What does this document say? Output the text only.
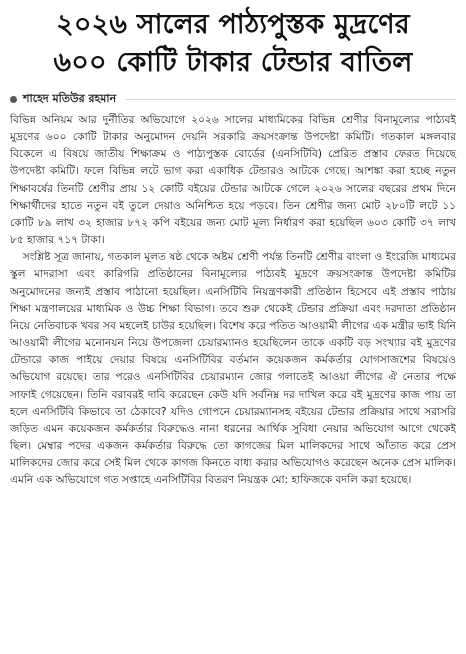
২০২৬ সালের পাঠ্যপুস্তক মুদ্রণের
৬০০ কোটি টাকার টেন্ডার বাতিল
শাহেদ মতিউর রহমান

বিভিন্ন অনিয়ম আর দুর্নীতির অভিযোগে ২০২৬ সালের মাধ্যমিকের বিভিন্ন শ্রেণীর বিনামূল্যের পাঠ্যবই মুদ্রণের ৬০০ কোটি টাকার অনুমোদন দেয়নি সরকারি ক্রয়সংক্রান্ত উপদেষ্টা কমিটি। গতকাল মঙ্গলবার বিকেলে এ বিষয়ে জাতীয় শিক্ষাক্রম ও পাঠ্যপুস্তক বোর্ডের (এনসিটিবি) প্রেরিত প্রস্তাব ফেরত দিয়েছে উপদেষ্টা কমিটি। ফলে বিভিন্ন লটে ভাগ করা একাধিক টেন্ডারও আটকে গেছে। আশঙ্কা করা হচ্ছে নতুন শিক্ষাবর্ষের তিনটি শ্রেণীর প্রায় ১২ কোটি বইয়ের টেন্ডার আটকে গেলে ২০২৬ সালের বছরের প্রথম দিনে শিক্ষার্থীদের হাতে নতুন বই তুলে দেয়াও অনিশ্চিত হয়ে পড়বে। তিন শ্রেণীর জন্য মোট ২৮০টি লটে ১১ কোটি ৮৯ লাখ ৩২ হাজার ৮৭২ কপি বইয়ের জন্য মোট মূল্য নির্ধারণ করা হয়েছিল ৬০৩ কোটি ৩৭ লাখ ৮৫ হাজার ৭১৭ টাকা।

সংশ্লিষ্ট সূত্র জানায়, গতকাল মূলত ষষ্ঠ থেকে অষ্টম শ্রেণী পর্যন্ত তিনটি শ্রেণীর বাংলা ও ইংরেজি মাধ্যমের স্কুল মাদরাসা এবং কারিগরি প্রতিষ্ঠানের বিনামূল্যের পাঠ্যবই মুদ্রণে ক্রয়সংক্রান্ত উপদেষ্টা কমিটির অনুমোদনের জন্যই প্রস্তাব পাঠানো হয়েছিল। এনসিটিবি নিয়ন্ত্রণকারী প্রতিষ্ঠান হিসেবে এই প্রস্তাব পাঠায় শিক্ষা মন্ত্রণালয়ের মাধ্যমিক ও উচ্চ শিক্ষা বিভাগ। তবে শুরু থেকেই টেন্ডার প্রক্রিয়া এবং দরদাতা প্রতিষ্ঠান নিয়ে নেতিবাচক খবর সব মহলেই চাউর হয়েছিল। বিশেষ করে পতিত আওয়ামী লীগের এক মন্ত্রীর ভাই যিনি আওয়ামী লীগের মনোনয়ন নিয়ে উপজেলা চেয়ারম্যানও হয়েছিলেন তাকে একটি বড় সংখ্যার বই মুদ্রণের টেন্ডারে কাজ পাইয়ে দেয়ার বিষয়ে এনসিটিবির বর্তমান কয়েকজন কর্মকর্তার যোগসাজশের বিষয়েও অভিযোগ রয়েছে। তার পরেও এনসিটিবির চেয়ারম্যান জোর গলাতেই আওয়া লীগের ঐ নেতার পক্ষে সাফাই গেয়েছেন। তিনি বরাবরই দাবি করেছেন কেউ যদি সর্বনিম্ন দর দাখিল করে বই মুদ্রণের কাজ পায় তা হলে এনসিটিবি কিভাবে তা ঠেকাবে? যদিও গোপনে চেয়ারম্যানসহ বইয়ের টেন্ডার প্রক্রিয়ার সাথে সরাসরি জড়িত এমন কয়েকজন কর্মকর্তার বিরুদ্ধেও নানা ধরনের আর্থিক সুবিধা নেয়ার অভিযোগ আগে থেকেই ছিল। মেম্বার পদের একজন কর্মকর্তার বিরুদ্ধে তো কাগজের মিল মালিকদের সাথে আঁতাত করে প্রেস মালিকদের জোর করে সেই মিল থেকে কাগজ কিনতে বাধ্য করার অভিযোগও করেছেন অনেক প্রেস মালিক। এমনি এক অভিযোগে গত সপ্তাহে এনসিটিবির বিতরণ নিয়ন্ত্রক মো: হাফিজকে বদলি করা হয়েছে।
